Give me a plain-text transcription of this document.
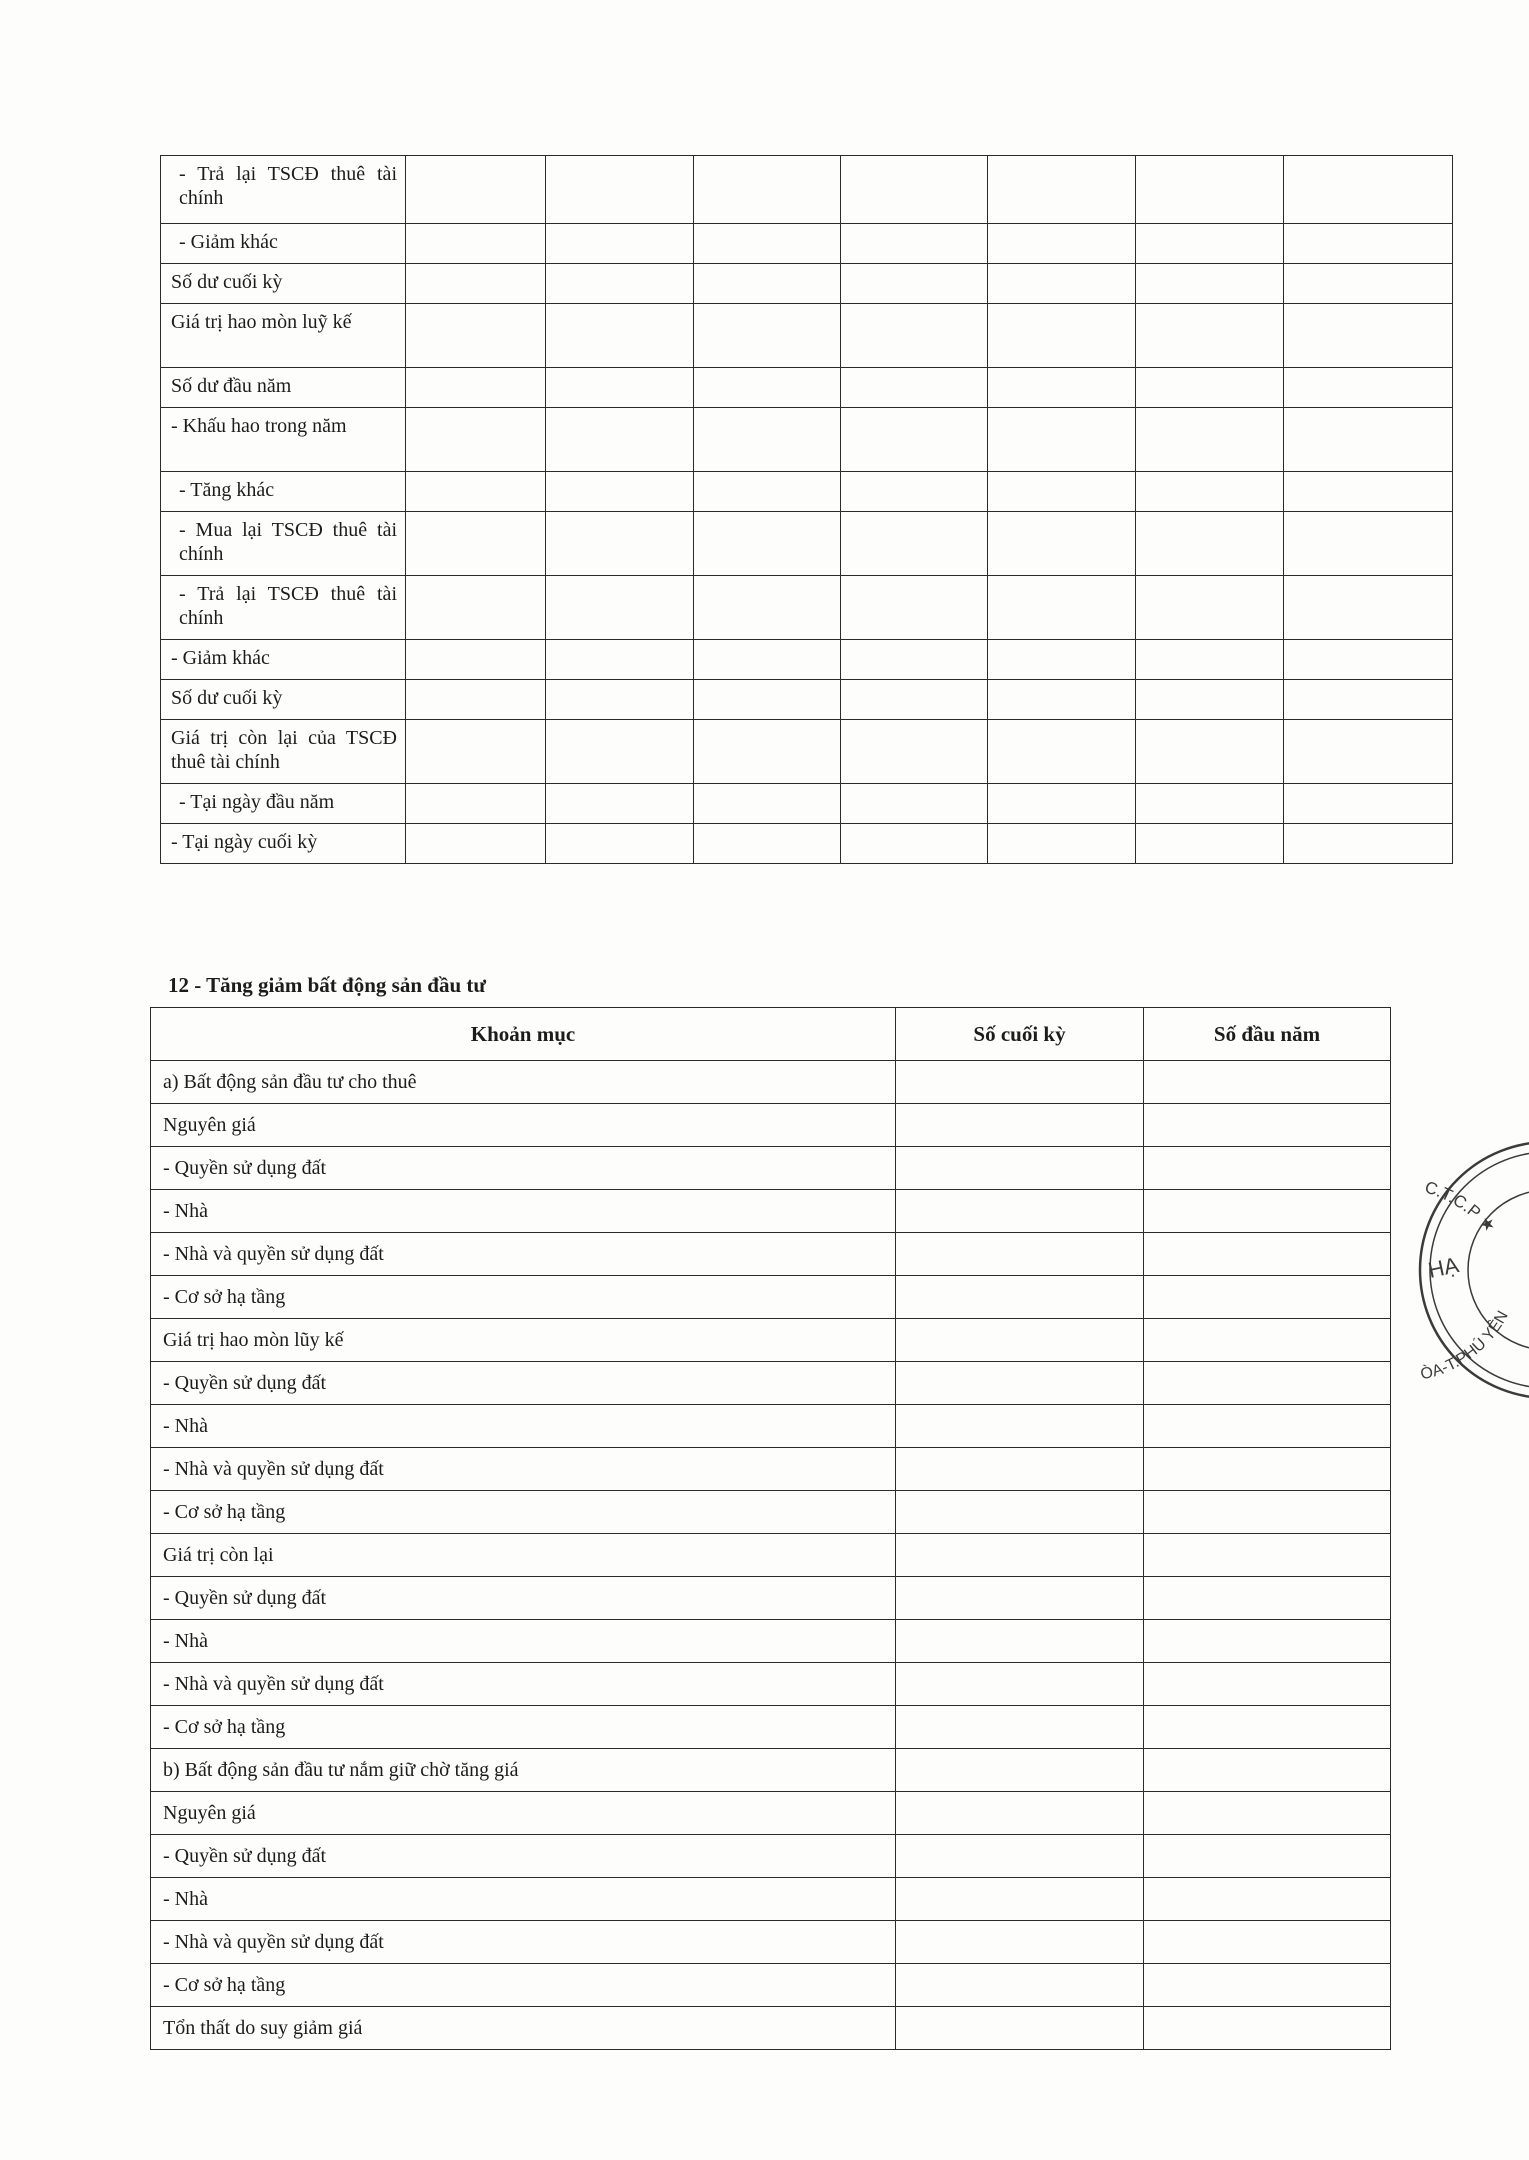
- Trả lại TSCĐ thuê tài chính							
- Giảm khác							
Số dư cuối kỳ							
Giá trị hao mòn luỹ kế							
Số dư đầu năm							
- Khấu hao trong năm							
- Tăng khác							
- Mua lại TSCĐ thuê tài chính							
- Trả lại TSCĐ thuê tài chính							
- Giảm khác							
Số dư cuối kỳ							
Giá trị còn lại của TSCĐ thuê tài chính							
- Tại ngày đầu năm							
- Tại ngày cuối kỳ							
12 - Tăng giảm bất động sản đầu tư
Khoản mục	Số cuối kỳ	Số đầu năm
a) Bất động sản đầu tư cho thuê		
Nguyên giá		
- Quyền sử dụng đất		
- Nhà		
- Nhà và quyền sử dụng đất		
- Cơ sở hạ tầng		
Giá trị hao mòn lũy kế		
- Quyền sử dụng đất		
- Nhà		
- Nhà và quyền sử dụng đất		
- Cơ sở hạ tầng		
Giá trị còn lại		
- Quyền sử dụng đất		
- Nhà		
- Nhà và quyền sử dụng đất		
- Cơ sở hạ tầng		
b) Bất động sản đầu tư nắm giữ chờ tăng giá		
Nguyên giá		
- Quyền sử dụng đất		
- Nhà		
- Nhà và quyền sử dụng đất		
- Cơ sở hạ tầng		
Tổn thất do suy giảm giá		
C.T.C.P ★
HẠ
ÒA-T.PHÚ YÊN
